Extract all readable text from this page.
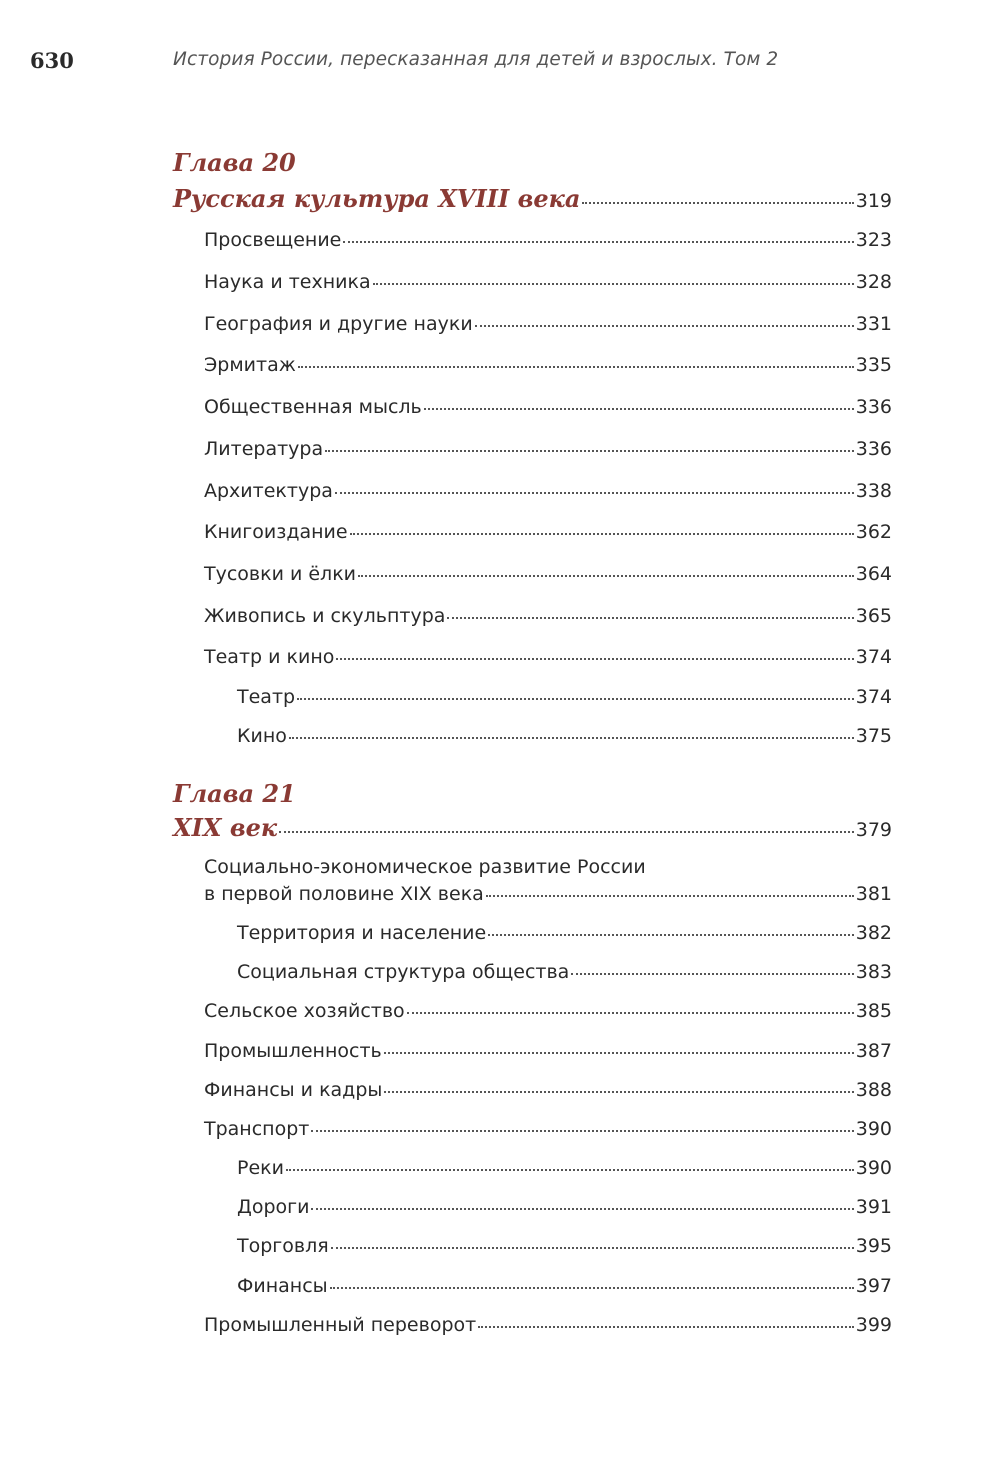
630	История России, пересказанная для детей и взрослых. Том 2
Глава 20
Русская культура XVIII века	319
Просвещение	323
Наука и техника	328
География и другие науки	331
Эрмитаж	335
Общественная мысль	336
Литература	336
Архитектура	338
Книгоиздание	362
Тусовки и ёлки	364
Живопись и скульптура	365
Театр и кино	374
Театр	374
Кино	375
Глава 21
XIX век	379
Социально-экономическое развитие России
в первой половине XIX века	381
Территория и население	382
Социальная структура общества	383
Сельское хозяйство	385
Промышленность	387
Финансы и кадры	388
Транспорт	390
Реки	390
Дороги	391
Торговля	395
Финансы	397
Промышленный переворот	399
